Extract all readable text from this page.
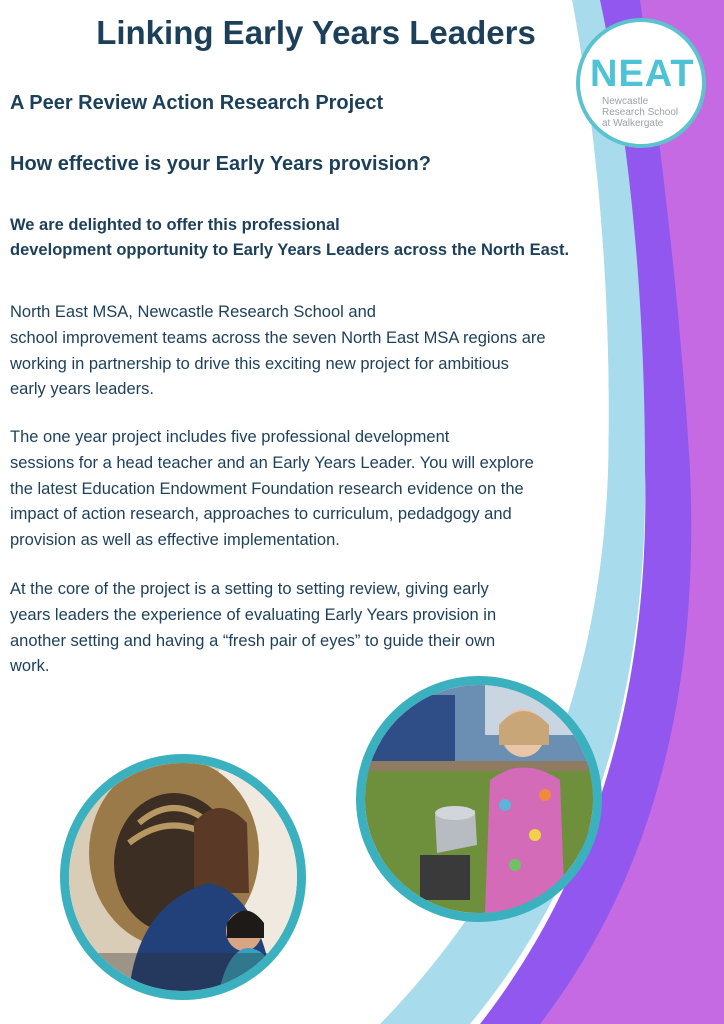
Linking Early Years Leaders
NEAT
Newcastle
Research School
at Walkergate
A Peer Review Action Research Project
How effective is your Early Years provision?
We are delighted to offer this professional
development opportunity to Early Years Leaders across the North East.
North East MSA, Newcastle Research School and
school improvement teams across the seven North East MSA regions are
working in partnership to drive this exciting new project for ambitious
early years leaders.
The one year project includes five professional development
sessions for a head teacher and an Early Years Leader. You will explore
the latest Education Endowment Foundation research evidence on the
impact of action research, approaches to curriculum, pedadgogy and
provision as well as effective implementation.
At the core of the project is a setting to setting review, giving early
years leaders the experience of evaluating Early Years provision in
another setting and having a “fresh pair of eyes” to guide their own
work.
